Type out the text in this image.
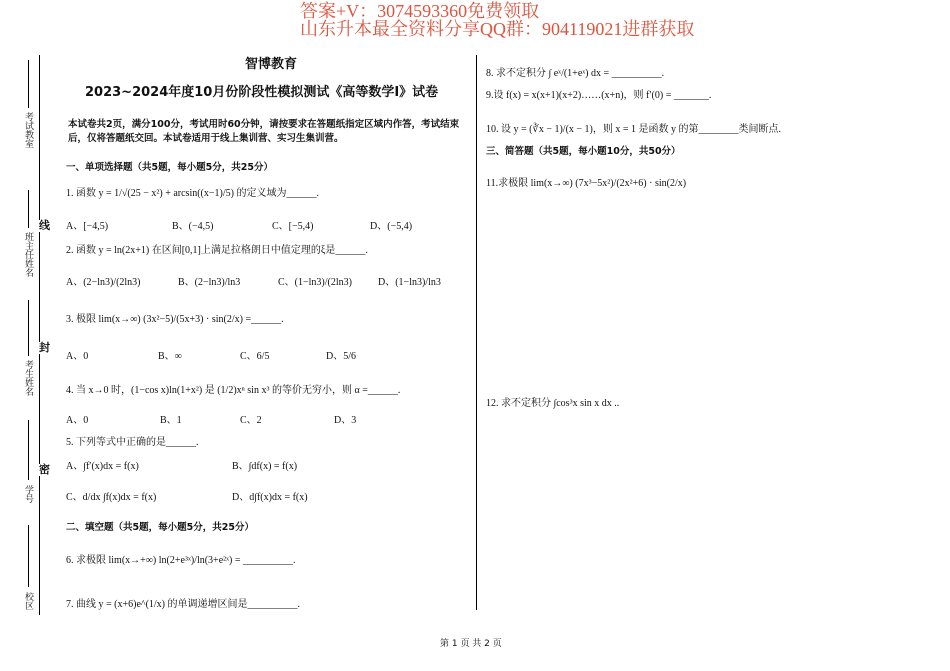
答案+V：3074593360免费领取
山东升本最全资料分享QQ群：904119021进群获取
考试教室
班主任姓名
考生姓名
学号
校区
线
封
密
智博教育
2023~2024年度10月份阶段性模拟测试《高等数学I》试卷
本试卷共2页，满分100分，考试用时60分钟，请按要求在答题纸指定区域内作答，考试结束后，仅将答题纸交回。本试卷适用于线上集训营、实习生集训营。
一、单项选择题（共5题，每小题5分，共25分）
1. 函数 y = 1/√(25 − x²) + arcsin((x−1)/5) 的定义域为______.
A、[−4,5)	B、(−4,5)	C、[−5,4)	D、(−5,4)
2. 函数 y = ln(2x+1) 在区间[0,1]上满足拉格朗日中值定理的ξ是______.
A、(2−ln3)/(2ln3)	B、(2−ln3)/ln3	C、(1−ln3)/(2ln3)	D、(1−ln3)/ln3
3. 极限 lim(x→∞) (3x²−5)/(5x+3) · sin(2/x) =______.
A、0	B、∞	C、6/5	D、5/6
4. 当 x→0 时，(1−cos x)ln(1+x²) 是 (1/2)xⁿ sin x³ 的等价无穷小，则 α =______.
A、0	B、1	C、2	D、3
5. 下列等式中正确的是______.
A、∫f′(x)dx = f(x)	B、∫df(x) = f(x)
C、d/dx ∫f(x)dx = f(x)	D、d∫f(x)dx = f(x)
二、填空题（共5题，每小题5分，共25分）
6. 求极限 lim(x→+∞) ln(2+e³ˣ)/ln(3+e²ˣ) = __________.
7. 曲线 y = (x+6)e^(1/x) 的单调递增区间是__________.
8. 求不定积分 ∫ eˣ/(1+eˣ) dx = __________.
9.设 f(x) = x(x+1)(x+2)……(x+n)，则 f′(0) = _______.
10. 设 y = (∛x − 1)/(x − 1)，则 x = 1 是函数 y 的第________类间断点.
三、简答题（共5题，每小题10分，共50分）
11.求极限 lim(x→∞) (7x³−5x²)/(2x²+6) · sin(2/x)
12. 求不定积分 ∫cos³x sin x dx ..
第 1 页 共 2 页
